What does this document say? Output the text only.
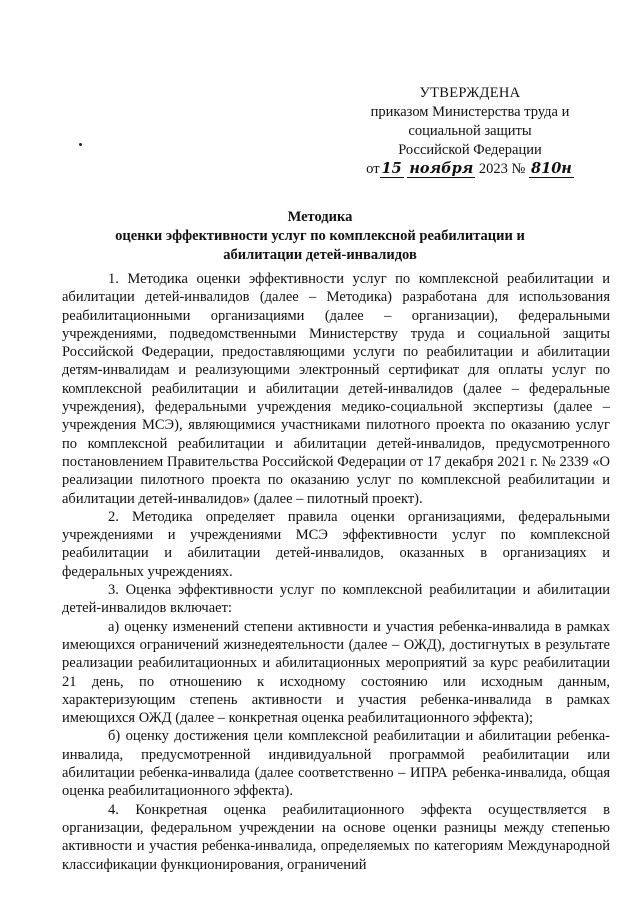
УТВЕРЖДЕНА
приказом Министерства труда и
социальной защиты
Российской Федерации
от 15 ноября 2023 № 810н
Методика
оценки эффективности услуг по комплексной реабилитации и
абилитации детей-инвалидов

1. Методика оценки эффективности услуг по комплексной реабилитации и абилитации детей-инвалидов (далее – Методика) разработана для использования реабилитационными организациями (далее – организации), федеральными учреждениями, подведомственными Министерству труда и социальной защиты Российской Федерации, предоставляющими услуги по реабилитации и абилитации детям-инвалидам и реализующими электронный сертификат для оплаты услуг по комплексной реабилитации и абилитации детей-инвалидов (далее – федеральные учреждения), федеральными учреждения медико-социальной экспертизы (далее – учреждения МСЭ), являющимися участниками пилотного проекта по оказанию услуг по комплексной реабилитации и абилитации детей-инвалидов, предусмотренного постановлением Правительства Российской Федерации от 17 декабря 2021 г. № 2339 «О реализации пилотного проекта по оказанию услуг по комплексной реабилитации и абилитации детей-инвалидов» (далее – пилотный проект).

2. Методика определяет правила оценки организациями, федеральными учреждениями и учреждениями МСЭ эффективности услуг по комплексной реабилитации и абилитации детей-инвалидов, оказанных в организациях и федеральных учреждениях.

3. Оценка эффективности услуг по комплексной реабилитации и абилитации детей-инвалидов включает:

а) оценку изменений степени активности и участия ребенка-инвалида в рамках имеющихся ограничений жизнедеятельности (далее – ОЖД), достигнутых в результате реализации реабилитационных и абилитационных мероприятий за курс реабилитации 21 день, по отношению к исходному состоянию или исходным данным, характеризующим степень активности и участия ребенка-инвалида в рамках имеющихся ОЖД (далее – конкретная оценка реабилитационного эффекта);

б) оценку достижения цели комплексной реабилитации и абилитации ребенка-инвалида, предусмотренной индивидуальной программой реабилитации или абилитации ребенка-инвалида (далее соответственно – ИПРА ребенка-инвалида, общая оценка реабилитационного эффекта).

4. Конкретная оценка реабилитационного эффекта осуществляется в организации, федеральном учреждении на основе оценки разницы между степенью активности и участия ребенка-инвалида, определяемых по категориям Международной классификации функционирования, ограничений
